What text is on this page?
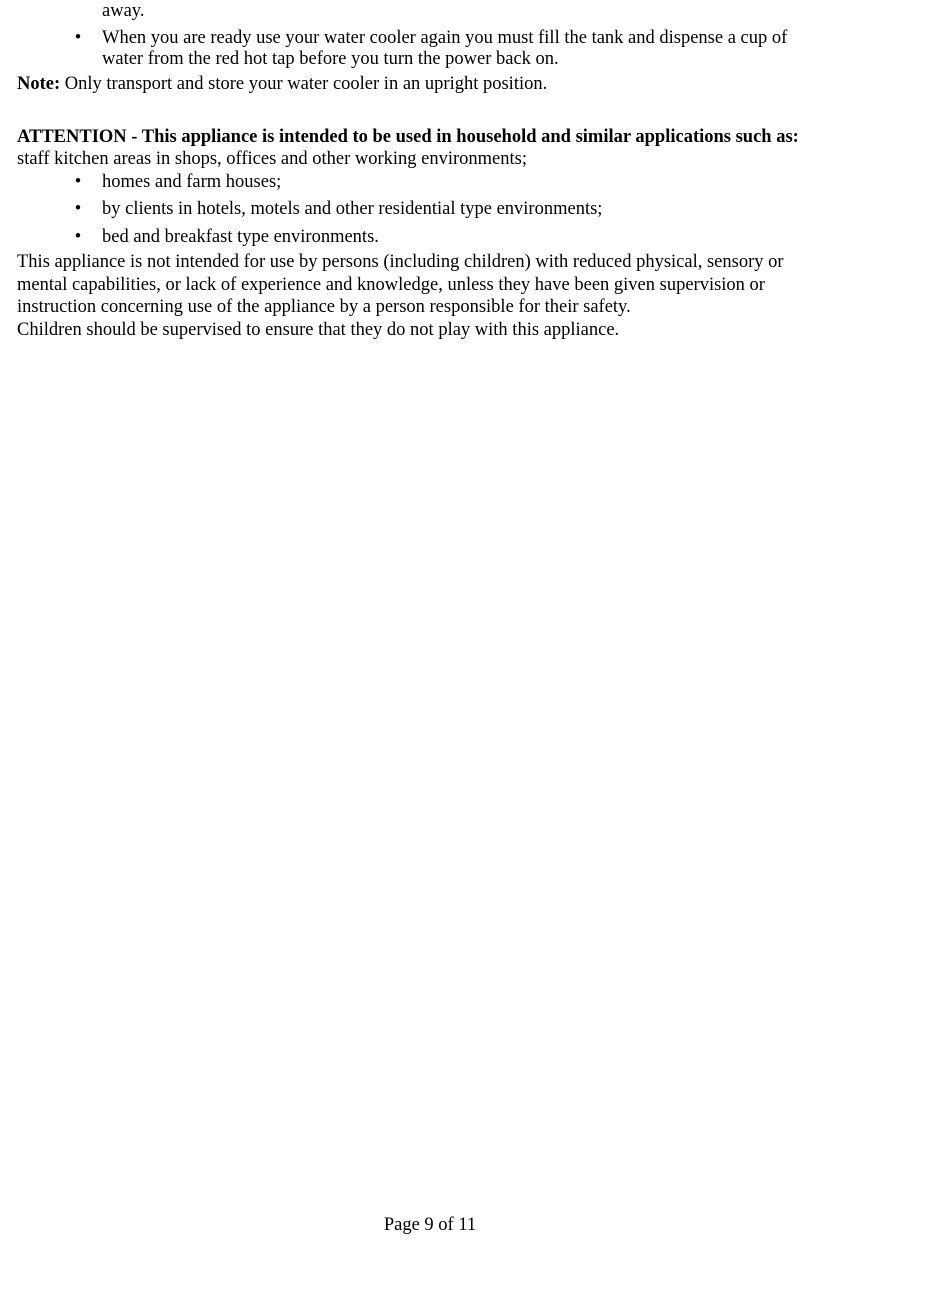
away.
• When you are ready use your water cooler again you must fill the tank and dispense a cup of
water from the red hot tap before you turn the power back on.
Note: Only transport and store your water cooler in an upright position.
ATTENTION - This appliance is intended to be used in household and similar applications such as:
staff kitchen areas in shops, offices and other working environments;
• homes and farm houses;
• by clients in hotels, motels and other residential type environments;
• bed and breakfast type environments.
This appliance is not intended for use by persons (including children) with reduced physical, sensory or
mental capabilities, or lack of experience and knowledge, unless they have been given supervision or
instruction concerning use of the appliance by a person responsible for their safety.
Children should be supervised to ensure that they do not play with this appliance.
Page 9 of 11
